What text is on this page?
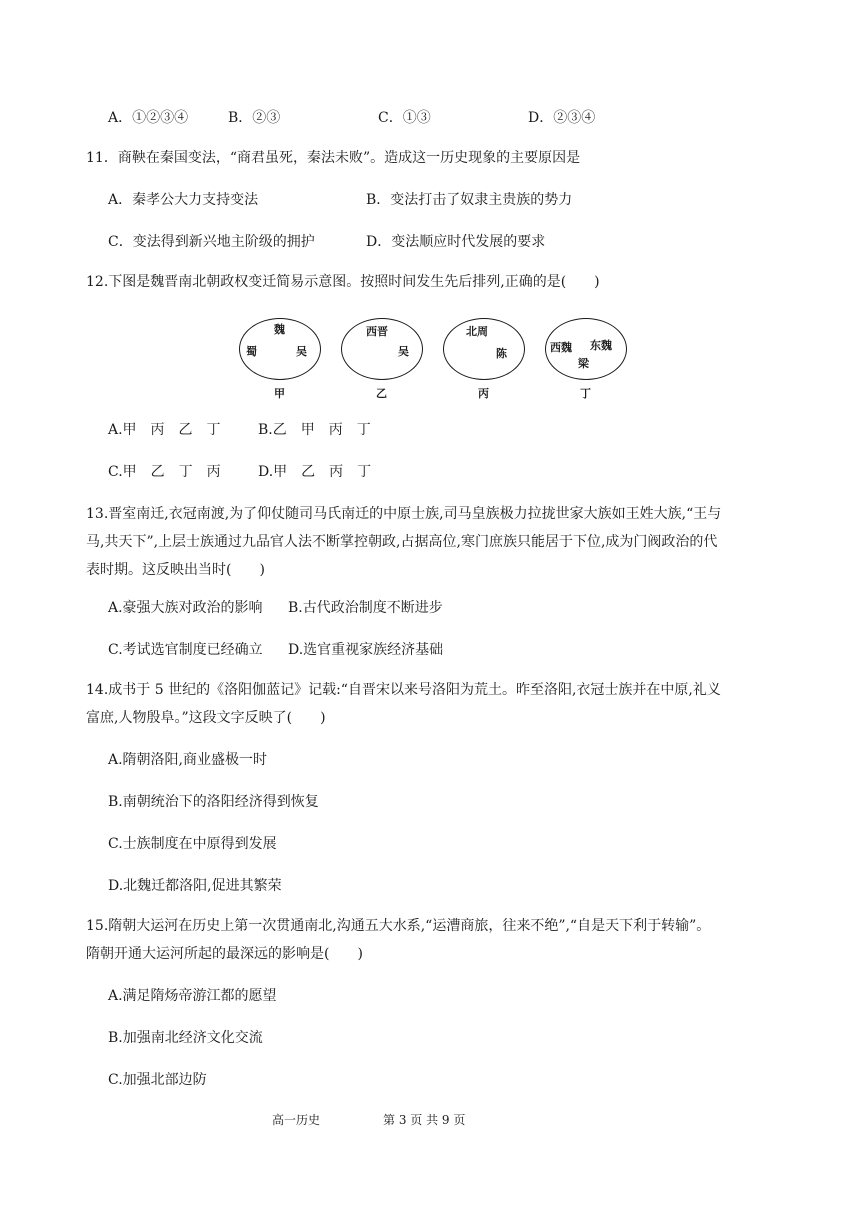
A．①②③④	B．②③	C．①③	D．②③④
11．商鞅在秦国变法，“商君虽死，秦法未败”。造成这一历史现象的主要原因是
A．秦孝公大力支持变法	B．变法打击了奴隶主贵族的势力
C．变法得到新兴地主阶级的拥护	D．变法顺应时代发展的要求
12.下图是魏晋南北朝政权变迁简易示意图。按照时间发生先后排列,正确的是(　　)
魏
蜀	吴
甲
西晋
吴
乙
北周
陈
丙
西魏 东魏
梁
丁
A.甲　丙　乙　丁	B.乙　甲　丙　丁
C.甲　乙　丁　丙	D.甲　乙　丙　丁
13.晋室南迁,衣冠南渡,为了仰仗随司马氏南迁的中原士族,司马皇族极力拉拢世家大族如王姓大族,“王与
马,共天下”,上层士族通过九品官人法不断掌控朝政,占据高位,寒门庶族只能居于下位,成为门阀政治的代
表时期。这反映出当时(　　)
A.豪强大族对政治的影响 B.古代政治制度不断进步
C.考试选官制度已经确立 D.选官重视家族经济基础
14.成书于 5 世纪的《洛阳伽蓝记》记载:“自晋宋以来号洛阳为荒土。昨至洛阳,衣冠士族并在中原,礼义
富庶,人物殷阜。”这段文字反映了(　　)
A.隋朝洛阳,商业盛极一时
B.南朝统治下的洛阳经济得到恢复
C.士族制度在中原得到发展
D.北魏迁都洛阳,促进其繁荣
15.隋朝大运河在历史上第一次贯通南北,沟通五大水系,“运漕商旅，往来不绝”,“自是天下利于转输”。
隋朝开通大运河所起的最深远的影响是(　　)
A.满足隋炀帝游江都的愿望
B.加强南北经济文化交流
C.加强北部边防
高一历史	第 3 页 共 9 页
